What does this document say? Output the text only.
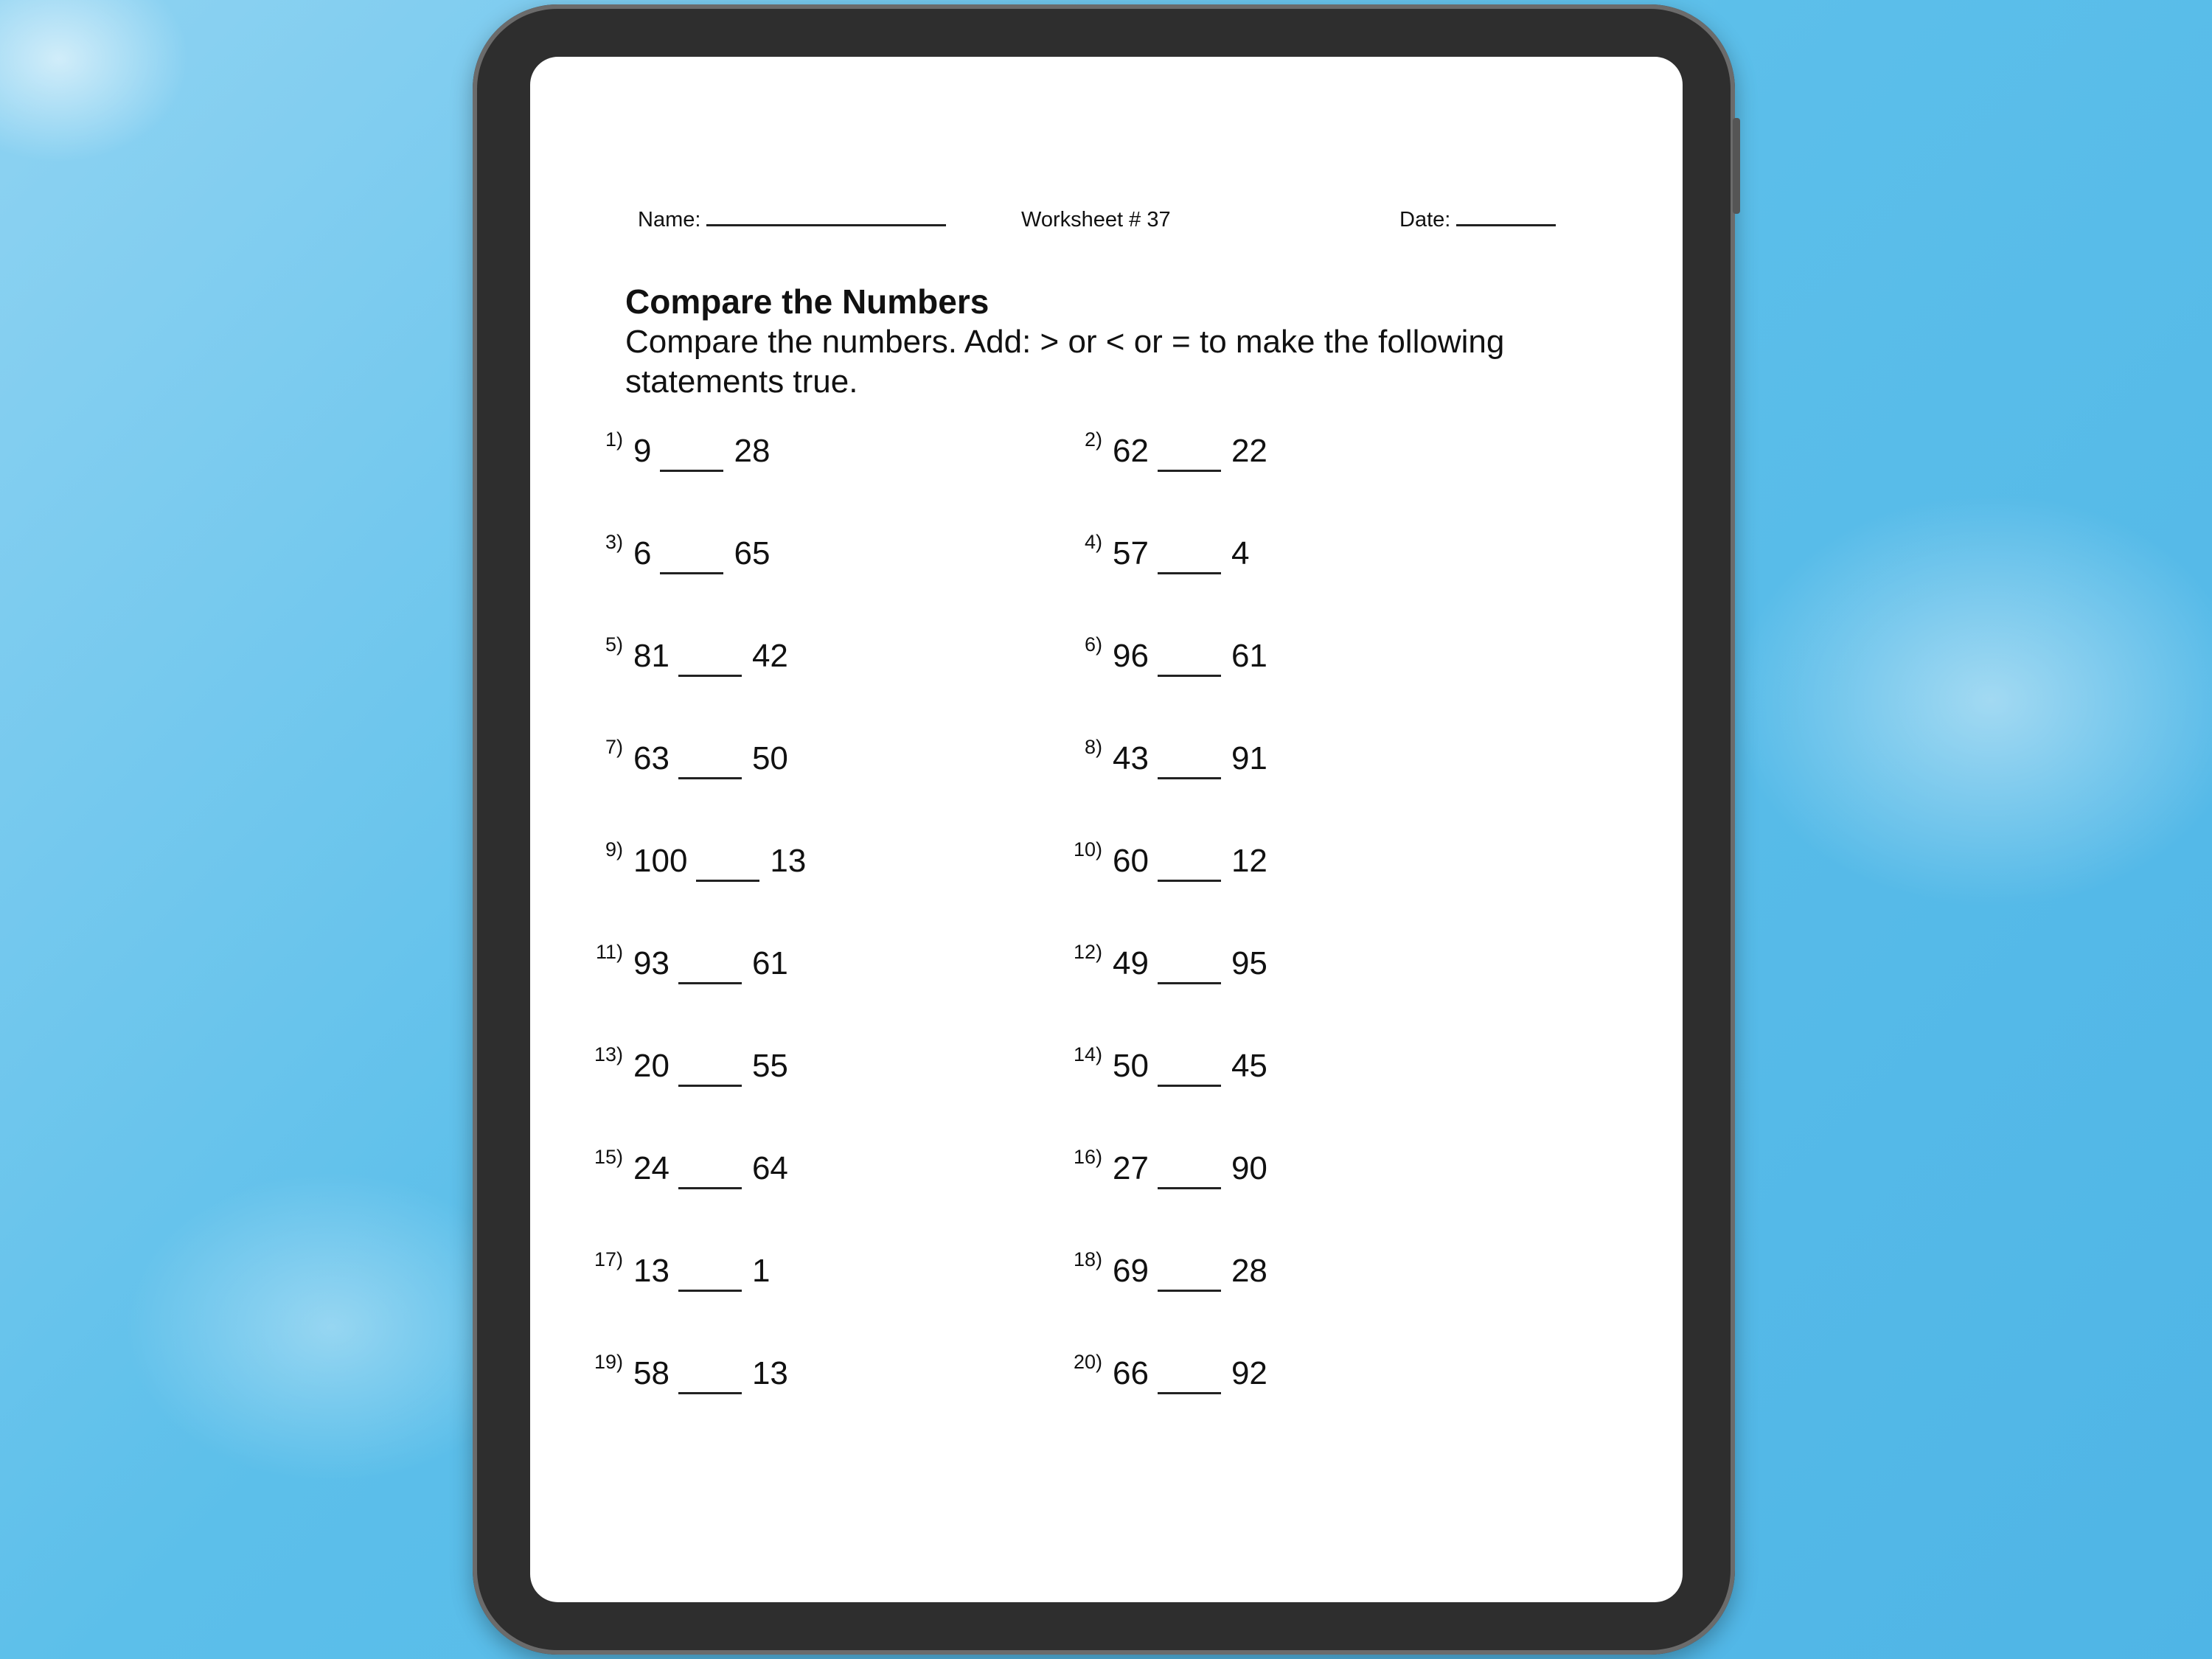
Name:	Worksheet # 37	Date:
Compare the Numbers
Compare the numbers. Add: > or < or = to make the following statements true.
1) 9	28	2) 62	22
3) 6	65	4) 57	4
5) 81	42	6) 96	61
7) 63	50	8) 43	91
9) 100	13	10) 60	12
11) 93	61	12) 49	95
13) 20	55	14) 50	45
15) 24	64	16) 27	90
17) 13	1	18) 69	28
19) 58	13	20) 66	92
